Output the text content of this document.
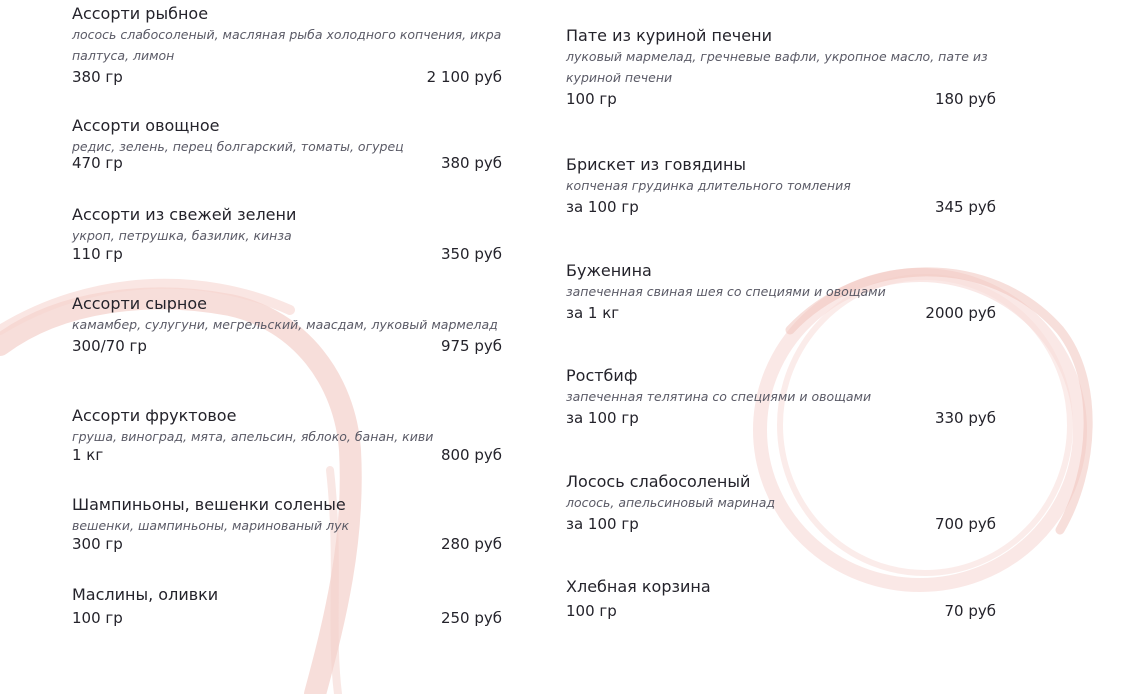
Ассорти рыбное
лосось слабосоленый, масляная рыба холодного копчения, икра палтуса, лимон
380 гр	2 100 руб
Ассорти овощное
редис, зелень, перец болгарский, томаты, огурец
470 гр	380 руб
Ассорти из свежей зелени
укроп, петрушка, базилик, кинза
110 гр	350 руб
Ассорти сырное
камамбер, сулугуни, мегрельский, маасдам, луковый мармелад
300/70 гр	975 руб
Ассорти фруктовое
груша, виноград, мята, апельсин, яблоко, банан, киви
1 кг	800 руб
Шампиньоны, вешенки соленые
вешенки, шампиньоны, маринованый лук
300 гр	280 руб
Маслины, оливки
100 гр	250 руб
Пате из куриной печени
луковый мармелад, гречневые вафли, укропное масло, пате из куриной печени
100 гр	180 руб
Брискет из говядины
копченая грудинка длительного томления
за 100 гр	345 руб
Буженина
запеченная свиная шея со специями и овощами
за 1 кг	2000 руб
Ростбиф
запеченная телятина со специями и овощами
за 100 гр	330 руб
Лосось слабосоленый
лосось, апельсиновый маринад
за 100 гр	700 руб
Хлебная корзина
100 гр	70 руб
